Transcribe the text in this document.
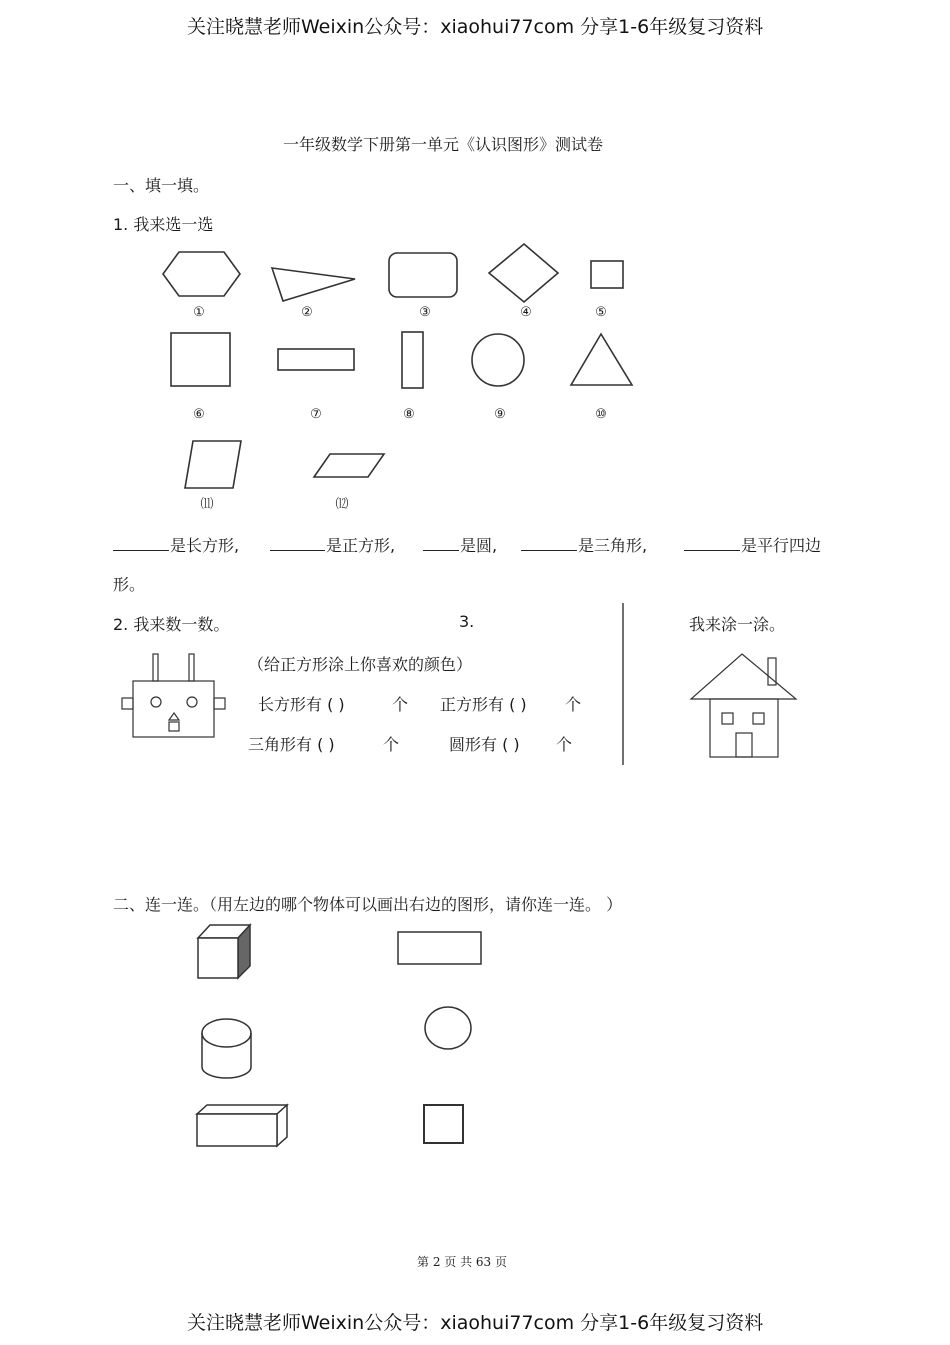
关注晓慧老师Weixin公众号：xiaohui77com 分享1-6年级复习资料
一年级数学下册第一单元《认识图形》测试卷
一、填一填。
1. 我来选一选
①	②	③	④	⑤
⑥	⑦	⑧	⑨	⑩
⑾	⑿
是长方形,	是正方形,	是圆,	是三角形,	是平行四边
形。
2. 我来数一数。	3.	我来涂一涂。
（给正方形涂上你喜欢的颜色）
长方形有 ( )	个 正方形有 ( ) 个
三角形有 ( )	个	圆形有 ( ) 个
二、连一连。（用左边的哪个物体可以画出右边的图形，请你连一连。 ）
第 2 页 共 63 页
关注晓慧老师Weixin公众号：xiaohui77com 分享1-6年级复习资料
